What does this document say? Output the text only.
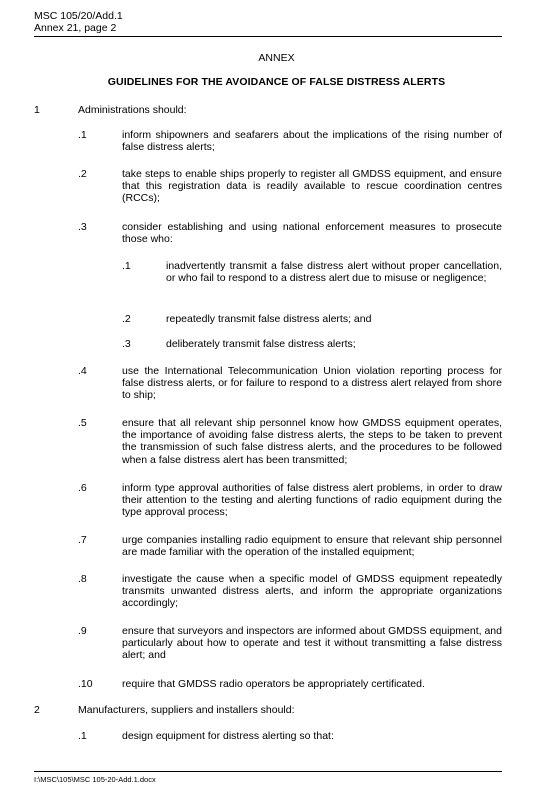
MSC 105/20/Add.1
Annex 21, page 2
ANNEX
GUIDELINES FOR THE AVOIDANCE OF FALSE DISTRESS ALERTS
1	Administrations should:
.1	inform shipowners and seafarers about the implications of the rising number of false distress alerts;
.2	take steps to enable ships properly to register all GMDSS equipment, and ensure that this registration data is readily available to rescue coordination centres (RCCs);
.3	consider establishing and using national enforcement measures to prosecute those who:
.1	inadvertently transmit a false distress alert without proper cancellation, or who fail to respond to a distress alert due to misuse or negligence;
.2	repeatedly transmit false distress alerts; and
.3	deliberately transmit false distress alerts;
.4	use the International Telecommunication Union violation reporting process for false distress alerts, or for failure to respond to a distress alert relayed from shore to ship;
.5	ensure that all relevant ship personnel know how GMDSS equipment operates, the importance of avoiding false distress alerts, the steps to be taken to prevent the transmission of such false distress alerts, and the procedures to be followed when a false distress alert has been transmitted;
.6	inform type approval authorities of false distress alert problems, in order to draw their attention to the testing and alerting functions of radio equipment during the type approval process;
.7	urge companies installing radio equipment to ensure that relevant ship personnel are made familiar with the operation of the installed equipment;
.8	investigate the cause when a specific model of GMDSS equipment repeatedly transmits unwanted distress alerts, and inform the appropriate organizations accordingly;
.9	ensure that surveyors and inspectors are informed about GMDSS equipment, and particularly about how to operate and test it without transmitting a false distress alert; and
.10	require that GMDSS radio operators be appropriately certificated.
2	Manufacturers, suppliers and installers should:
.1	design equipment for distress alerting so that:
I:\MSC\105\MSC 105-20-Add.1.docx
